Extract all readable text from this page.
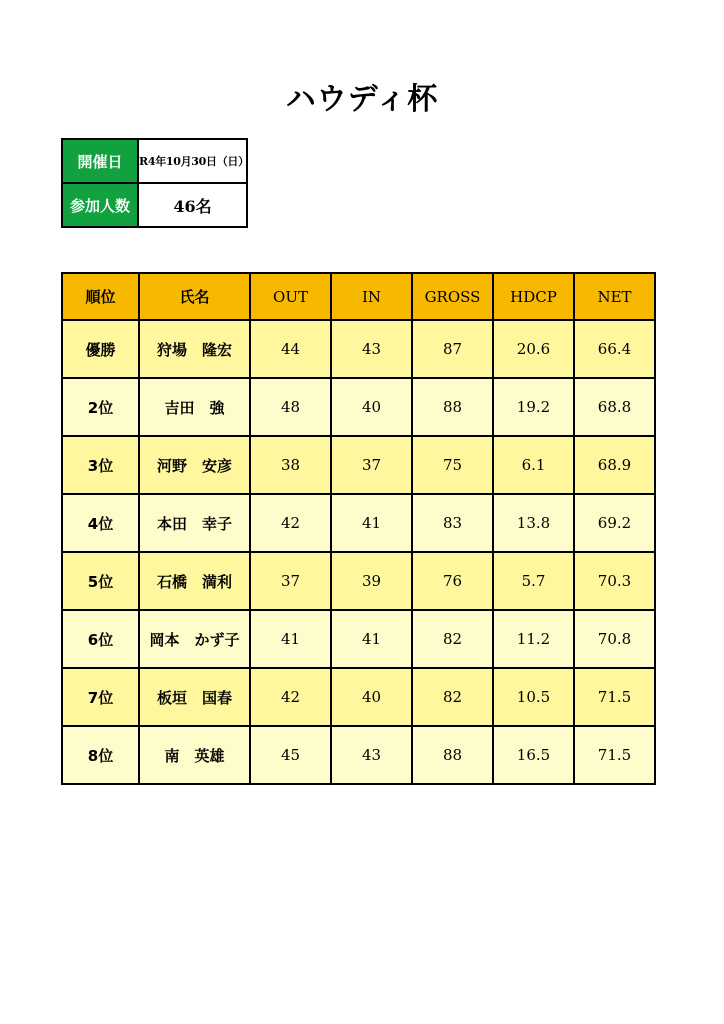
ハウディ杯
開催日	R4年10月30日（日）
参加人数	46名
順位	氏名	OUT	IN	GROSS	HDCP	NET
優勝	狩場　隆宏	44	43	87	20.6	66.4
2位	吉田　強	48	40	88	19.2	68.8
3位	河野　安彦	38	37	75	6.1	68.9
4位	本田　幸子	42	41	83	13.8	69.2
5位	石橋　満利	37	39	76	5.7	70.3
6位	岡本　かず子	41	41	82	11.2	70.8
7位	板垣　国春	42	40	82	10.5	71.5
8位	南　英雄	45	43	88	16.5	71.5
